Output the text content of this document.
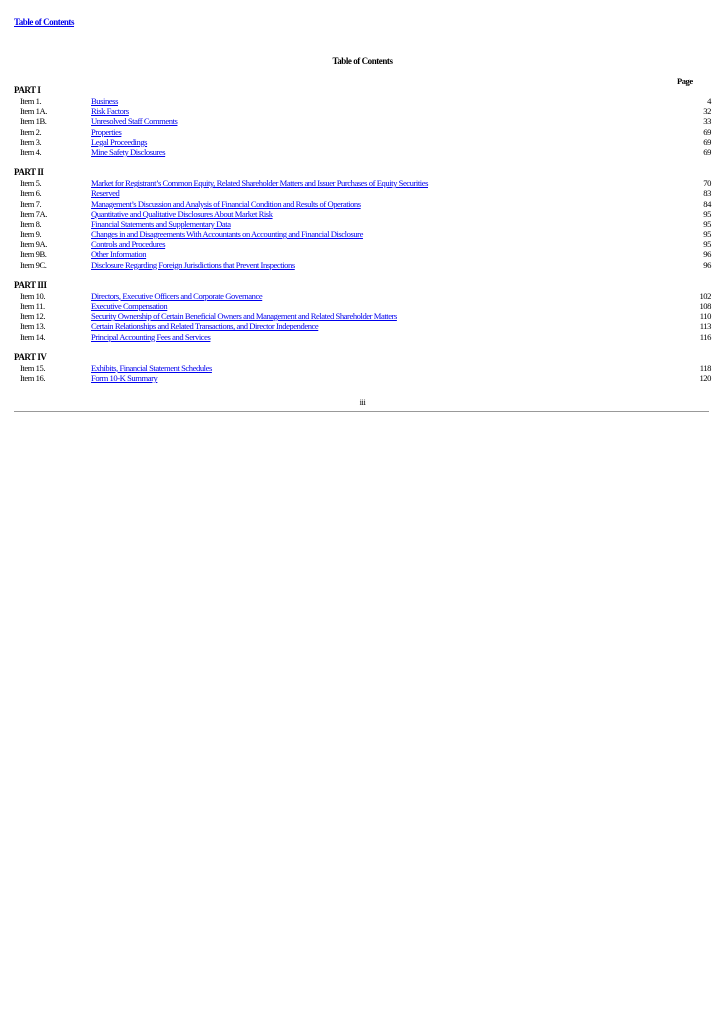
Table of Contents
Table of Contents
Page
PART I
Item 1.	Business	4
Item 1A.	Risk Factors	32
Item 1B.	Unresolved Staff Comments	33
Item 2.	Properties	69
Item 3.	Legal Proceedings	69
Item 4.	Mine Safety Disclosures	69
PART II
Item 5.	Market for Registrant’s Common Equity, Related Shareholder Matters and Issuer Purchases of Equity Securities	70
Item 6.	Reserved	83
Item 7.	Management’s Discussion and Analysis of Financial Condition and Results of Operations	84
Item 7A.	Quantitative and Qualitative Disclosures About Market Risk	95
Item 8.	Financial Statements and Supplementary Data	95
Item 9.	Changes in and Disagreements With Accountants on Accounting and Financial Disclosure	95
Item 9A.	Controls and Procedures	95
Item 9B.	Other Information	96
Item 9C.	Disclosure Regarding Foreign Jurisdictions that Prevent Inspections	96
PART III
Item 10.	Directors, Executive Officers and Corporate Governance	102
Item 11.	Executive Compensation	108
Item 12.	Security Ownership of Certain Beneficial Owners and Management and Related Shareholder Matters	110
Item 13.	Certain Relationships and Related Transactions, and Director Independence	113
Item 14.	Principal Accounting Fees and Services	116
PART IV
Item 15.	Exhibits, Financial Statement Schedules	118
Item 16.	Form 10-K Summary	120
iii
